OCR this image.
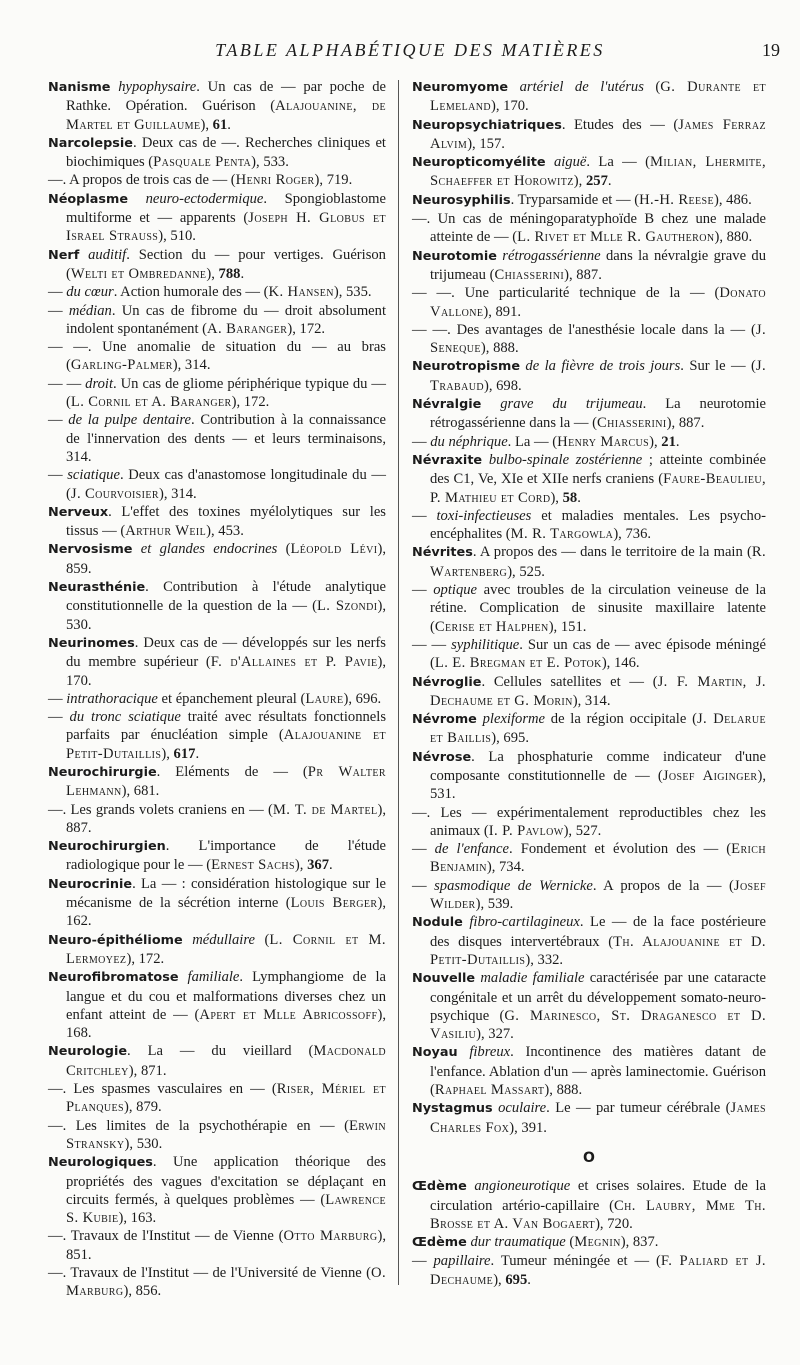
TABLE ALPHABÉTIQUE DES MATIÈRES	19
Nanisme hypophysaire. Un cas de — par poche de Rathke. Opération. Guérison (Alajouanine, de Martel et Guillaume), 61.
Narcolepsie. Deux cas de —. Recherches cliniques et biochimiques (Pasquale Penta), 533.
—. A propos de trois cas de — (Henri Roger), 719.
Néoplasme neuro-ectodermique. Spongioblastome multiforme et — apparents (Joseph H. Globus et Israel Strauss), 510.
Nerf auditif. Section du — pour vertiges. Guérison (Welti et Ombredanne), 788.
— du cœur. Action humorale des — (K. Hansen), 535.
— médian. Un cas de fibrome du — droit absolument indolent spontanément (A. Baranger), 172.
— —. Une anomalie de situation du — au bras (Garling-Palmer), 314.
— — droit. Un cas de gliome périphérique typique du — (L. Cornil et A. Baranger), 172.
— de la pulpe dentaire. Contribution à la connaissance de l'innervation des dents — et leurs terminaisons, 314.
— sciatique. Deux cas d'anastomose longitudinale du — (J. Courvoisier), 314.
Nerveux. L'effet des toxines myélolytiques sur les tissus — (Arthur Weil), 453.
Nervosisme et glandes endocrines (Léopold Lévi), 859.
Neurasthénie. Contribution à l'étude analytique constitutionnelle de la question de la — (L. Szondi), 530.
Neurinomes. Deux cas de — développés sur les nerfs du membre supérieur (F. d'Allaines et P. Pavie), 170.
— intrathoracique et épanchement pleural (Laure), 696.
— du tronc sciatique traité avec résultats fonctionnels parfaits par énucléation simple (Alajouanine et Petit-Dutaillis), 617.
Neurochirurgie. Eléments de — (Pr Walter Lehmann), 681.
—. Les grands volets craniens en — (M. T. de Martel), 887.
Neurochirurgien. L'importance de l'étude radiologique pour le — (Ernest Sachs), 367.
Neurocrinie. La — : considération histologique sur le mécanisme de la sécrétion interne (Louis Berger), 162.
Neuro-épithéliome médullaire (L. Cornil et M. Lermoyez), 172.
Neurofibromatose familiale. Lymphangiome de la langue et du cou et malformations diverses chez un enfant atteint de — (Apert et Mlle Abricossoff), 168.
Neurologie. La — du vieillard (Macdonald Critchley), 871.
—. Les spasmes vasculaires en — (Riser, Mériel et Planques), 879.
—. Les limites de la psychothérapie en — (Erwin Stransky), 530.
Neurologiques. Une application théorique des propriétés des vagues d'excitation se déplaçant en circuits fermés, à quelques problèmes — (Lawrence S. Kubie), 163.
—. Travaux de l'Institut — de Vienne (Otto Marburg), 851.
—. Travaux de l'Institut — de l'Université de Vienne (O. Marburg), 856.
Neuromyome artériel de l'utérus (G. Durante et Lemeland), 170.
Neuropsychiatriques. Etudes des — (James Ferraz Alvim), 157.
Neuropticomyélite aiguë. La — (Milian, Lhermite, Schaeffer et Horowitz), 257.
Neurosyphilis. Tryparsamide et — (H.-H. Reese), 486.
—. Un cas de méningoparatyphoïde B chez une malade atteinte de — (L. Rivet et Mlle R. Gautheron), 880.
Neurotomie rétrogassérienne dans la névralgie grave du trijumeau (Chiasserini), 887.
— —. Une particularité technique de la — (Donato Vallone), 891.
— —. Des avantages de l'anesthésie locale dans la — (J. Seneque), 888.
Neurotropisme de la fièvre de trois jours. Sur le — (J. Trabaud), 698.
Névralgie grave du trijumeau. La neurotomie rétrogassérienne dans la — (Chiasserini), 887.
— du néphrique. La — (Henry Marcus), 21.
Névraxite bulbo-spinale zostérienne ; atteinte combinée des C1, Ve, XIe et XIIe nerfs craniens (Faure-Beaulieu, P. Mathieu et Cord), 58.
— toxi-infectieuses et maladies mentales. Les psycho-encéphalites (M. R. Targowla), 736.
Névrites. A propos des — dans le territoire de la main (R. Wartenberg), 525.
— optique avec troubles de la circulation veineuse de la rétine. Complication de sinusite maxillaire latente (Cerise et Halphen), 151.
— — syphilitique. Sur un cas de — avec épisode méningé (L. E. Bregman et E. Potok), 146.
Névroglie. Cellules satellites et — (J. F. Martin, J. Dechaume et G. Morin), 314.
Névrome plexiforme de la région occipitale (J. Delarue et Baillis), 695.
Névrose. La phosphaturie comme indicateur d'une composante constitutionnelle de — (Josef Aiginger), 531.
—. Les — expérimentalement reproductibles chez les animaux (I. P. Pavlow), 527.
— de l'enfance. Fondement et évolution des — (Erich Benjamin), 734.
— spasmodique de Wernicke. A propos de la — (Josef Wilder), 539.
Nodule fibro-cartilagineux. Le — de la face postérieure des disques intervertébraux (Th. Alajouanine et D. Petit-Dutaillis), 332.
Nouvelle maladie familiale caractérisée par une cataracte congénitale et un arrêt du développement somato-neuro-psychique (G. Marinesco, St. Draganesco et D. Vasiliu), 327.
Noyau fibreux. Incontinence des matières datant de l'enfance. Ablation d'un — après laminectomie. Guérison (Raphael Massart), 888.
Nystagmus oculaire. Le — par tumeur cérébrale (James Charles Fox), 391.
O
Œdème angioneurotique et crises solaires. Etude de la circulation artério-capillaire (Ch. Laubry, Mme Th. Brosse et A. Van Bogaert), 720.
Œdème dur traumatique (Megnin), 837.
— papillaire. Tumeur méningée et — (F. Paliard et J. Dechaume), 695.
